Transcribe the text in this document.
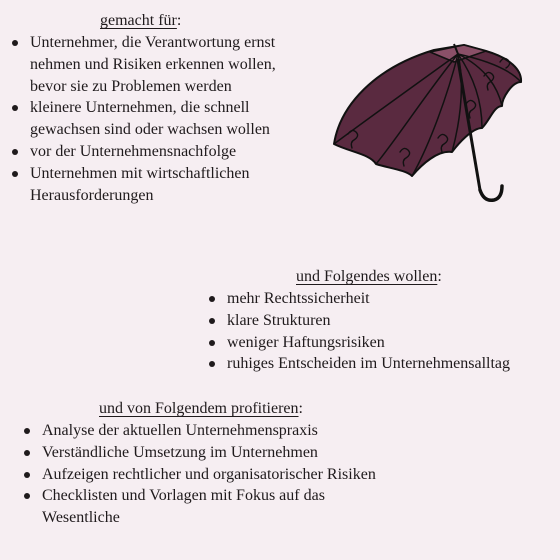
gemacht für:
Unternehmer, die Verantwortung ernst nehmen und Risiken erkennen wollen, bevor sie zu Problemen werden
kleinere Unternehmen, die schnell gewachsen sind oder wachsen wollen
vor der Unternehmensnachfolge
Unternehmen mit wirtschaftlichen Herausforderungen
und Folgendes wollen:
mehr Rechtssicherheit
klare Strukturen
weniger Haftungsrisiken
ruhiges Entscheiden im Unternehmensalltag
und von Folgendem profitieren:
Analyse der aktuellen Unternehmenspraxis
Verständliche Umsetzung im Unternehmen
Aufzeigen rechtlicher und organisatorischer Risiken
Checklisten und Vorlagen mit Fokus auf das Wesentliche
